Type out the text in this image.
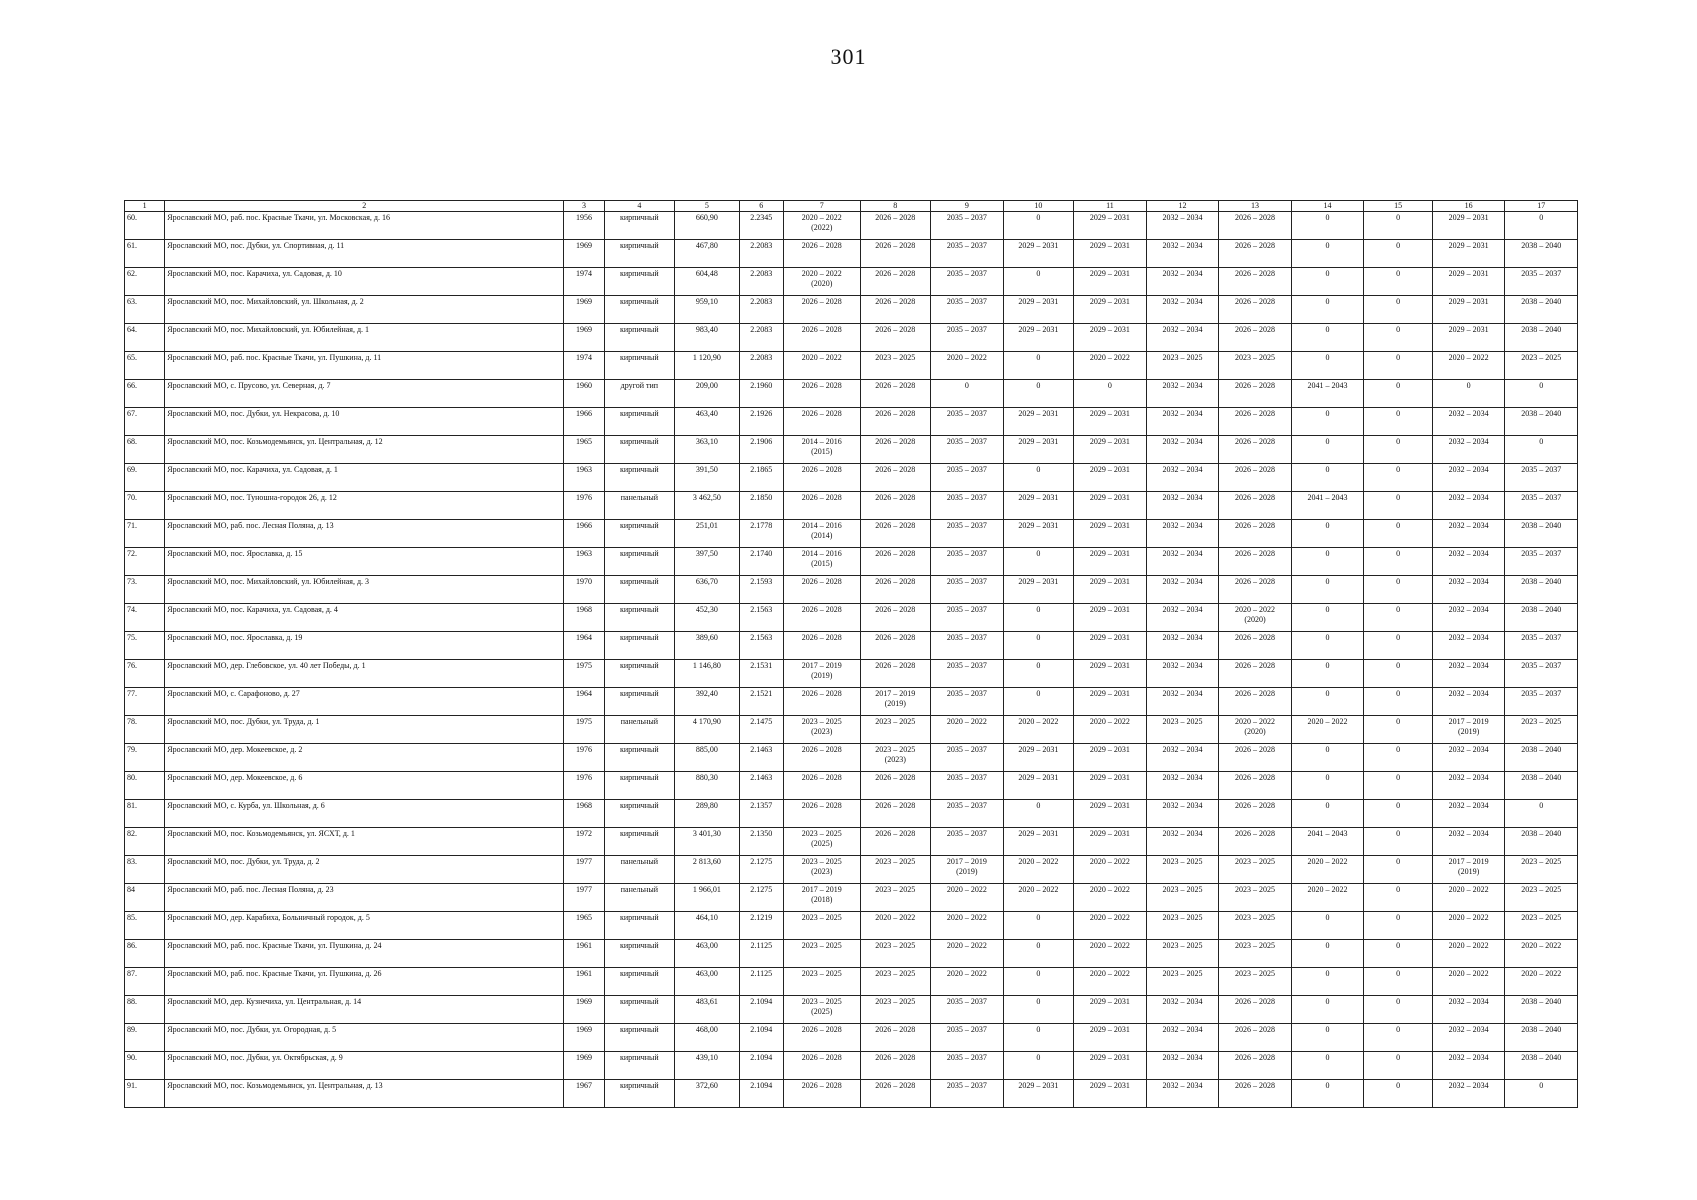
301
1	2	3	4	5	6	7	8	9	10	11	12	13	14	15	16	17

60.	Ярославский МО, раб. пос. Красные Ткачи, ул. Московская, д. 16	1956	кирпичный	660,90	2.2345	2020 – 2022
(2022)	2026 – 2028	2035 – 2037	0	2029 – 2031	2032 – 2034	2026 – 2028	0	0	2029 – 2031	0

61.	Ярославский МО, пос. Дубки, ул. Спортивная, д. 11	1969	кирпичный	467,80	2.2083	2026 – 2028	2026 – 2028	2035 – 2037	2029 – 2031	2029 – 2031	2032 – 2034	2026 – 2028	0	0	2029 – 2031	2038 – 2040

62.	Ярославский МО, пос. Карачиха, ул. Садовая, д. 10	1974	кирпичный	604,48	2.2083	2020 – 2022
(2020)	2026 – 2028	2035 – 2037	0	2029 – 2031	2032 – 2034	2026 – 2028	0	0	2029 – 2031	2035 – 2037

63.	Ярославский МО, пос. Михайловский, ул. Школьная, д. 2	1969	кирпичный	959,10	2.2083	2026 – 2028	2026 – 2028	2035 – 2037	2029 – 2031	2029 – 2031	2032 – 2034	2026 – 2028	0	0	2029 – 2031	2038 – 2040

64.	Ярославский МО, пос. Михайловский, ул. Юбилейная, д. 1	1969	кирпичный	983,40	2.2083	2026 – 2028	2026 – 2028	2035 – 2037	2029 – 2031	2029 – 2031	2032 – 2034	2026 – 2028	0	0	2029 – 2031	2038 – 2040

65.	Ярославский МО, раб. пос. Красные Ткачи, ул. Пушкина, д. 11	1974	кирпичный	1 120,90	2.2083	2020 – 2022	2023 – 2025	2020 – 2022	0	2020 – 2022	2023 – 2025	2023 – 2025	0	0	2020 – 2022	2023 – 2025

66.	Ярославский МО, с. Прусово, ул. Северная, д. 7	1960	другой тип	209,00	2.1960	2026 – 2028	2026 – 2028	0	0	0	2032 – 2034	2026 – 2028	2041 – 2043	0	0	0

67.	Ярославский МО, пос. Дубки, ул. Некрасова, д. 10	1966	кирпичный	463,40	2.1926	2026 – 2028	2026 – 2028	2035 – 2037	2029 – 2031	2029 – 2031	2032 – 2034	2026 – 2028	0	0	2032 – 2034	2038 – 2040

68.	Ярославский МО, пос. Козьмодемьянск, ул. Центральная, д. 12	1965	кирпичный	363,10	2.1906	2014 – 2016
(2015)	2026 – 2028	2035 – 2037	2029 – 2031	2029 – 2031	2032 – 2034	2026 – 2028	0	0	2032 – 2034	0

69.	Ярославский МО, пос. Карачиха, ул. Садовая, д. 1	1963	кирпичный	391,50	2.1865	2026 – 2028	2026 – 2028	2035 – 2037	0	2029 – 2031	2032 – 2034	2026 – 2028	0	0	2032 – 2034	2035 – 2037

70.	Ярославский МО, пос. Туношна-городок 26, д. 12	1976	панельный	3 462,50	2.1850	2026 – 2028	2026 – 2028	2035 – 2037	2029 – 2031	2029 – 2031	2032 – 2034	2026 – 2028	2041 – 2043	0	2032 – 2034	2035 – 2037

71.	Ярославский МО, раб. пос. Лесная Поляна, д. 13	1966	кирпичный	251,01	2.1778	2014 – 2016
(2014)	2026 – 2028	2035 – 2037	2029 – 2031	2029 – 2031	2032 – 2034	2026 – 2028	0	0	2032 – 2034	2038 – 2040

72.	Ярославский МО, пос. Ярославка, д. 15	1963	кирпичный	397,50	2.1740	2014 – 2016
(2015)	2026 – 2028	2035 – 2037	0	2029 – 2031	2032 – 2034	2026 – 2028	0	0	2032 – 2034	2035 – 2037

73.	Ярославский МО, пос. Михайловский, ул. Юбилейная, д. 3	1970	кирпичный	636,70	2.1593	2026 – 2028	2026 – 2028	2035 – 2037	2029 – 2031	2029 – 2031	2032 – 2034	2026 – 2028	0	0	2032 – 2034	2038 – 2040

74.	Ярославский МО, пос. Карачиха, ул. Садовая, д. 4	1968	кирпичный	452,30	2.1563	2026 – 2028	2026 – 2028	2035 – 2037	0	2029 – 2031	2032 – 2034	2020 – 2022
(2020)	0	0	2032 – 2034	2038 – 2040

75.	Ярославский МО, пос. Ярославка, д. 19	1964	кирпичный	389,60	2.1563	2026 – 2028	2026 – 2028	2035 – 2037	0	2029 – 2031	2032 – 2034	2026 – 2028	0	0	2032 – 2034	2035 – 2037

76.	Ярославский МО, дер. Глебовское, ул. 40 лет Победы, д. 1	1975	кирпичный	1 146,80	2.1531	2017 – 2019
(2019)	2026 – 2028	2035 – 2037	0	2029 – 2031	2032 – 2034	2026 – 2028	0	0	2032 – 2034	2035 – 2037

77.	Ярославский МО, с. Сарафоново, д. 27	1964	кирпичный	392,40	2.1521	2026 – 2028	2017 – 2019
(2019)	2035 – 2037	0	2029 – 2031	2032 – 2034	2026 – 2028	0	0	2032 – 2034	2035 – 2037

78.	Ярославский МО, пос. Дубки, ул. Труда, д. 1	1975	панельный	4 170,90	2.1475	2023 – 2025
(2023)	2023 – 2025	2020 – 2022	2020 – 2022	2020 – 2022	2023 – 2025	2020 – 2022
(2020)	2020 – 2022	0	2017 – 2019
(2019)	2023 – 2025

79.	Ярославский МО, дер. Мокеевское, д. 2	1976	кирпичный	885,00	2.1463	2026 – 2028	2023 – 2025
(2023)	2035 – 2037	2029 – 2031	2029 – 2031	2032 – 2034	2026 – 2028	0	0	2032 – 2034	2038 – 2040

80.	Ярославский МО, дер. Мокеевское, д. 6	1976	кирпичный	880,30	2.1463	2026 – 2028	2026 – 2028	2035 – 2037	2029 – 2031	2029 – 2031	2032 – 2034	2026 – 2028	0	0	2032 – 2034	2038 – 2040

81.	Ярославский МО, с. Курба, ул. Школьная, д. 6	1968	кирпичный	289,80	2.1357	2026 – 2028	2026 – 2028	2035 – 2037	0	2029 – 2031	2032 – 2034	2026 – 2028	0	0	2032 – 2034	0

82.	Ярославский МО, пос. Козьмодемьянск, ул. ЯСХТ, д. 1	1972	кирпичный	3 401,30	2.1350	2023 – 2025
(2025)	2026 – 2028	2035 – 2037	2029 – 2031	2029 – 2031	2032 – 2034	2026 – 2028	2041 – 2043	0	2032 – 2034	2038 – 2040

83.	Ярославский МО, пос. Дубки, ул. Труда, д. 2	1977	панельный	2 813,60	2.1275	2023 – 2025
(2023)	2023 – 2025	2017 – 2019
(2019)	2020 – 2022	2020 – 2022	2023 – 2025	2023 – 2025	2020 – 2022	0	2017 – 2019
(2019)	2023 – 2025

84	Ярославский МО, раб. пос. Лесная Поляна, д. 23	1977	панельный	1 966,01	2.1275	2017 – 2019
(2018)	2023 – 2025	2020 – 2022	2020 – 2022	2020 – 2022	2023 – 2025	2023 – 2025	2020 – 2022	0	2020 – 2022	2023 – 2025

85.	Ярославский МО, дер. Карабиха, Больничный городок, д. 5	1965	кирпичный	464,10	2.1219	2023 – 2025	2020 – 2022	2020 – 2022	0	2020 – 2022	2023 – 2025	2023 – 2025	0	0	2020 – 2022	2023 – 2025

86.	Ярославский МО, раб. пос. Красные Ткачи, ул. Пушкина, д. 24	1961	кирпичный	463,00	2.1125	2023 – 2025	2023 – 2025	2020 – 2022	0	2020 – 2022	2023 – 2025	2023 – 2025	0	0	2020 – 2022	2020 – 2022

87.	Ярославский МО, раб. пос. Красные Ткачи, ул. Пушкина, д. 26	1961	кирпичный	463,00	2.1125	2023 – 2025	2023 – 2025	2020 – 2022	0	2020 – 2022	2023 – 2025	2023 – 2025	0	0	2020 – 2022	2020 – 2022

88.	Ярославский МО, дер. Кузнечиха, ул. Центральная, д. 14	1969	кирпичный	483,61	2.1094	2023 – 2025
(2025)	2023 – 2025	2035 – 2037	0	2029 – 2031	2032 – 2034	2026 – 2028	0	0	2032 – 2034	2038 – 2040

89.	Ярославский МО, пос. Дубки, ул. Огородная, д. 5	1969	кирпичный	468,00	2.1094	2026 – 2028	2026 – 2028	2035 – 2037	0	2029 – 2031	2032 – 2034	2026 – 2028	0	0	2032 – 2034	2038 – 2040

90.	Ярославский МО, пос. Дубки, ул. Октябрьская, д. 9	1969	кирпичный	439,10	2.1094	2026 – 2028	2026 – 2028	2035 – 2037	0	2029 – 2031	2032 – 2034	2026 – 2028	0	0	2032 – 2034	2038 – 2040

91.	Ярославский МО, пос. Козьмодемьянск, ул. Центральная, д. 13	1967	кирпичный	372,60	2.1094	2026 – 2028	2026 – 2028	2035 – 2037	2029 – 2031	2029 – 2031	2032 – 2034	2026 – 2028	0	0	2032 – 2034	0
